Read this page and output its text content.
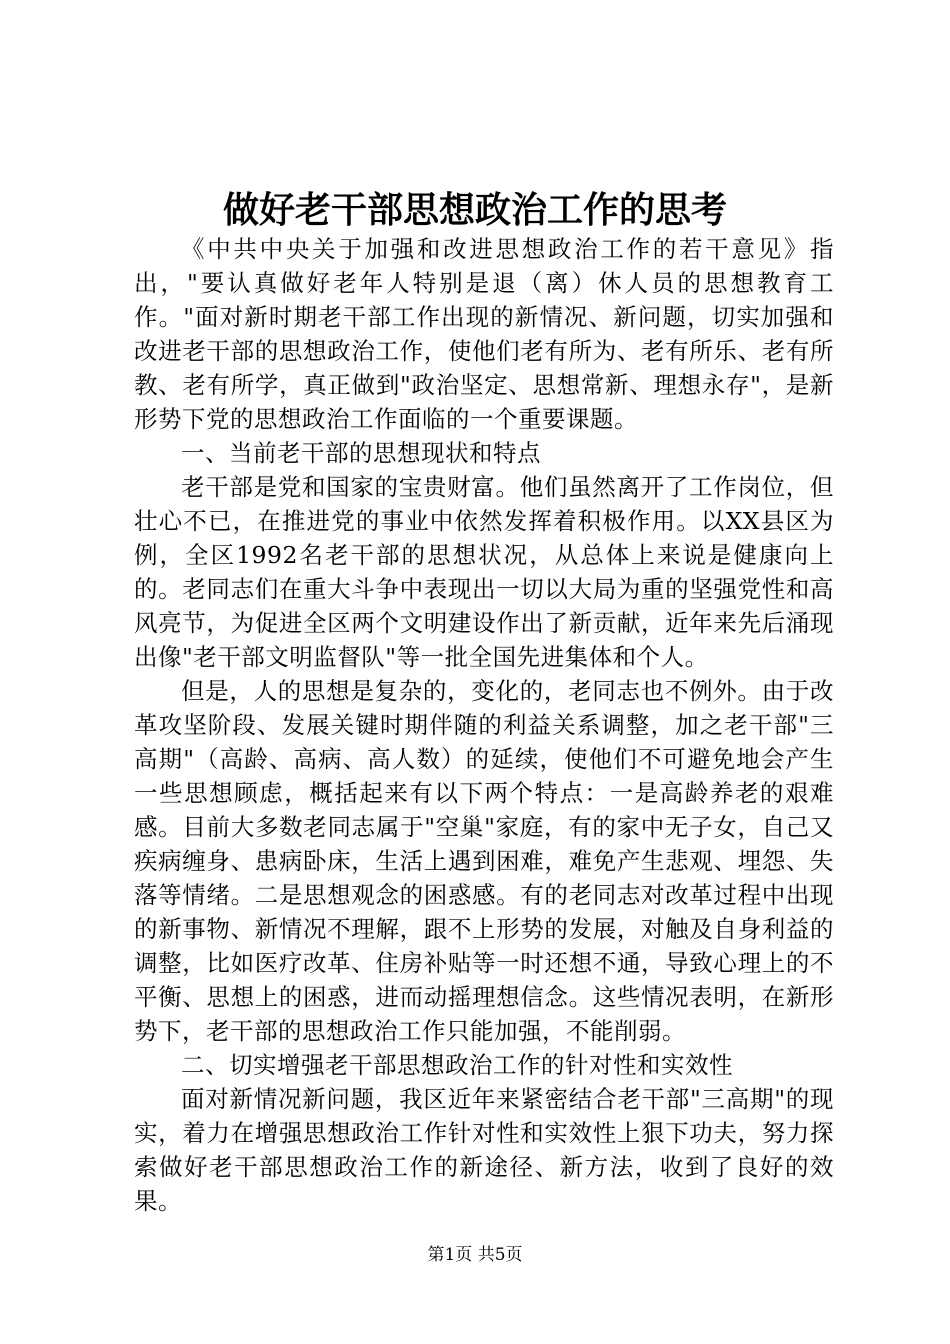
做好老干部思想政治工作的思考

《中共中央关于加强和改进思想政治工作的若干意见》指出，"要认真做好老年人特别是退（离）休人员的思想教育工作。"面对新时期老干部工作出现的新情况、新问题，切实加强和改进老干部的思想政治工作，使他们老有所为、老有所乐、老有所教、老有所学，真正做到"政治坚定、思想常新、理想永存"，是新形势下党的思想政治工作面临的一个重要课题。

一、当前老干部的思想现状和特点

老干部是党和国家的宝贵财富。他们虽然离开了工作岗位，但壮心不已，在推进党的事业中依然发挥着积极作用。以XX县区为例，全区1992名老干部的思想状况，从总体上来说是健康向上的。老同志们在重大斗争中表现出一切以大局为重的坚强党性和高风亮节，为促进全区两个文明建设作出了新贡献，近年来先后涌现出像"老干部文明监督队"等一批全国先进集体和个人。

但是，人的思想是复杂的，变化的，老同志也不例外。由于改革攻坚阶段、发展关键时期伴随的利益关系调整，加之老干部"三高期"（高龄、高病、高人数）的延续，使他们不可避免地会产生一些思想顾虑，概括起来有以下两个特点：一是高龄养老的艰难感。目前大多数老同志属于"空巢"家庭，有的家中无子女，自己又疾病缠身、患病卧床，生活上遇到困难，难免产生悲观、埋怨、失落等情绪。二是思想观念的困惑感。有的老同志对改革过程中出现的新事物、新情况不理解，跟不上形势的发展，对触及自身利益的调整，比如医疗改革、住房补贴等一时还想不通，导致心理上的不平衡、思想上的困惑，进而动摇理想信念。这些情况表明，在新形势下，老干部的思想政治工作只能加强，不能削弱。

二、切实增强老干部思想政治工作的针对性和实效性

面对新情况新问题，我区近年来紧密结合老干部"三高期"的现实，着力在增强思想政治工作针对性和实效性上狠下功夫，努力探索做好老干部思想政治工作的新途径、新方法，收到了良好的效果。

第1页 共5页
